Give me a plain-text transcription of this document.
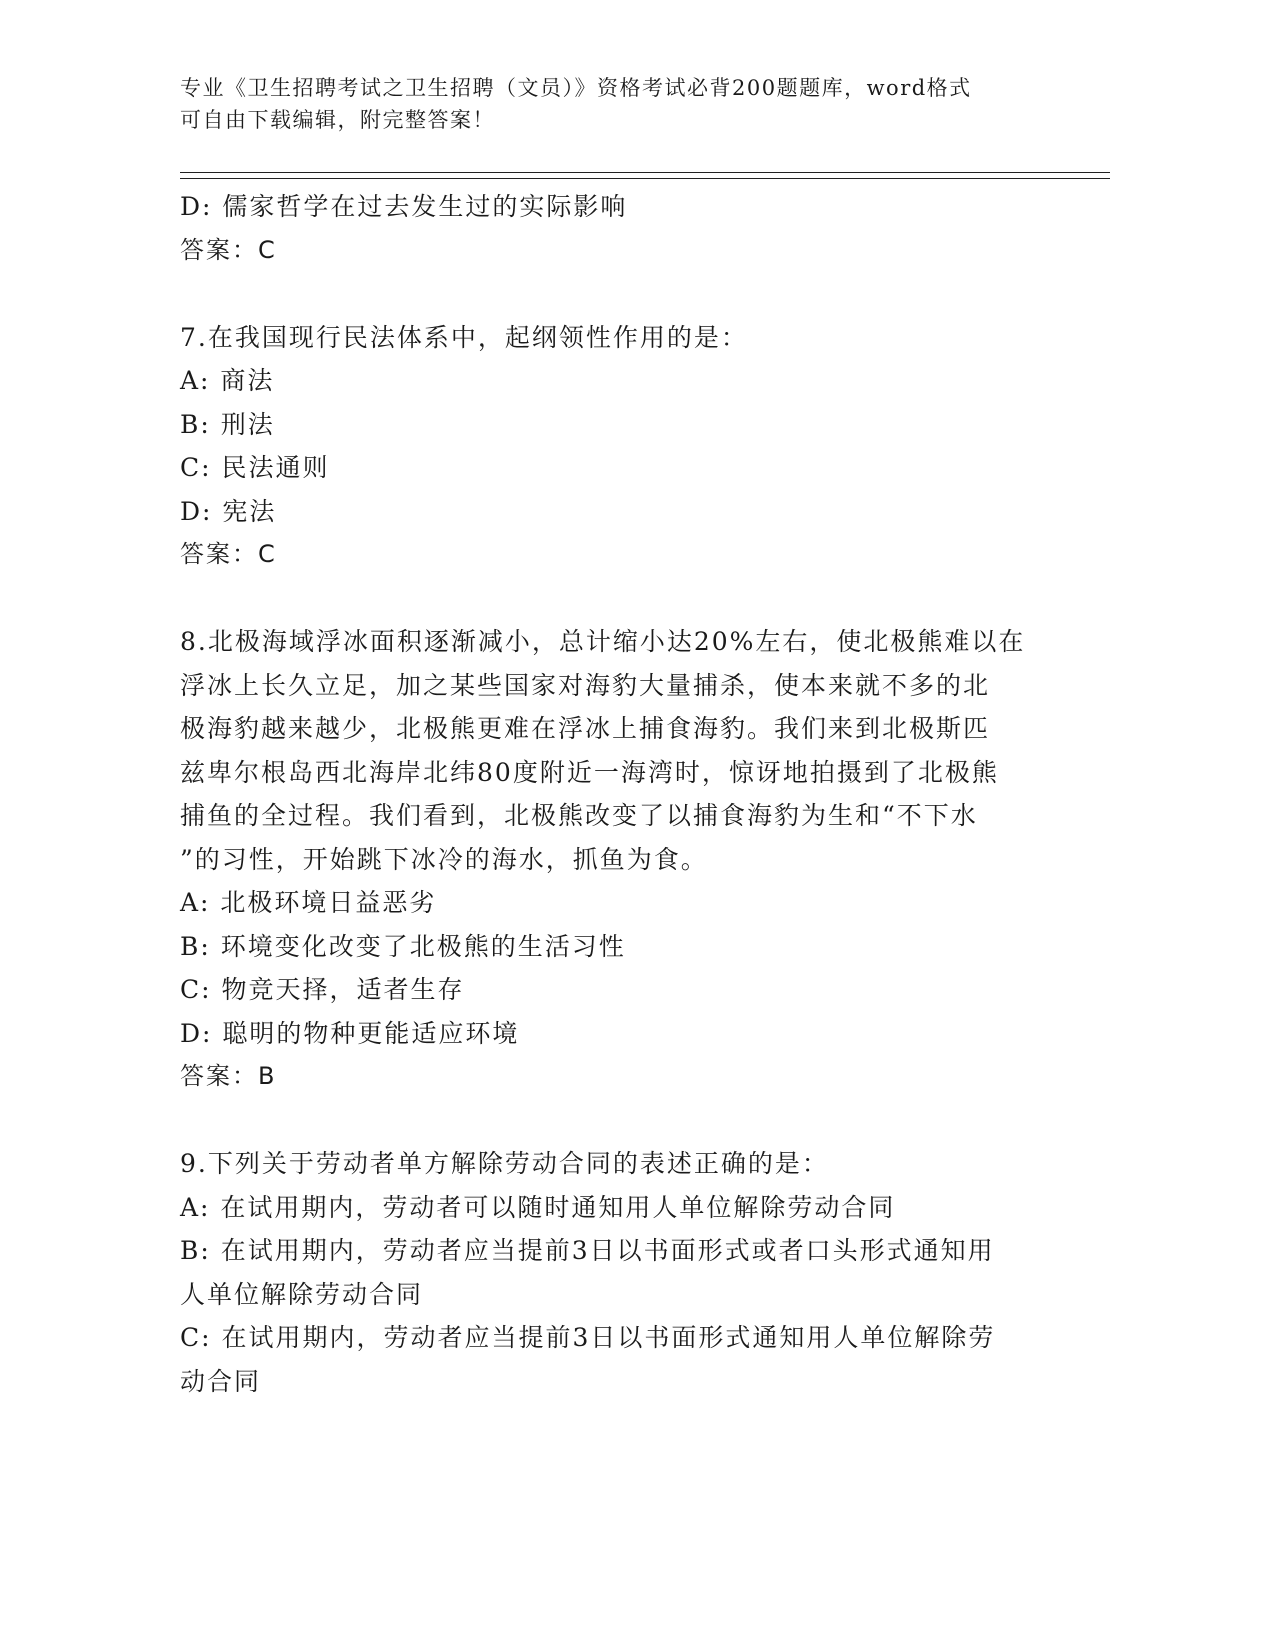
专业《卫生招聘考试之卫生招聘（文员）》资格考试必背200题题库，word格式
可自由下载编辑，附完整答案！
D: 儒家哲学在过去发生过的实际影响
答案：C
7.在我国现行民法体系中，起纲领性作用的是：
A: 商法
B: 刑法
C: 民法通则
D: 宪法
答案：C
8.北极海域浮冰面积逐渐减小，总计缩小达20%左右，使北极熊难以在
浮冰上长久立足，加之某些国家对海豹大量捕杀，使本来就不多的北
极海豹越来越少，北极熊更难在浮冰上捕食海豹。我们来到北极斯匹
兹卑尔根岛西北海岸北纬80度附近一海湾时，惊讶地拍摄到了北极熊
捕鱼的全过程。我们看到，北极熊改变了以捕食海豹为生和“不下水
”的习性，开始跳下冰冷的海水，抓鱼为食。
A: 北极环境日益恶劣
B: 环境变化改变了北极熊的生活习性
C: 物竞天择，适者生存
D: 聪明的物种更能适应环境
答案：B
9.下列关于劳动者单方解除劳动合同的表述正确的是：
A: 在试用期内，劳动者可以随时通知用人单位解除劳动合同
B: 在试用期内，劳动者应当提前3日以书面形式或者口头形式通知用
人单位解除劳动合同
C: 在试用期内，劳动者应当提前3日以书面形式通知用人单位解除劳
动合同
